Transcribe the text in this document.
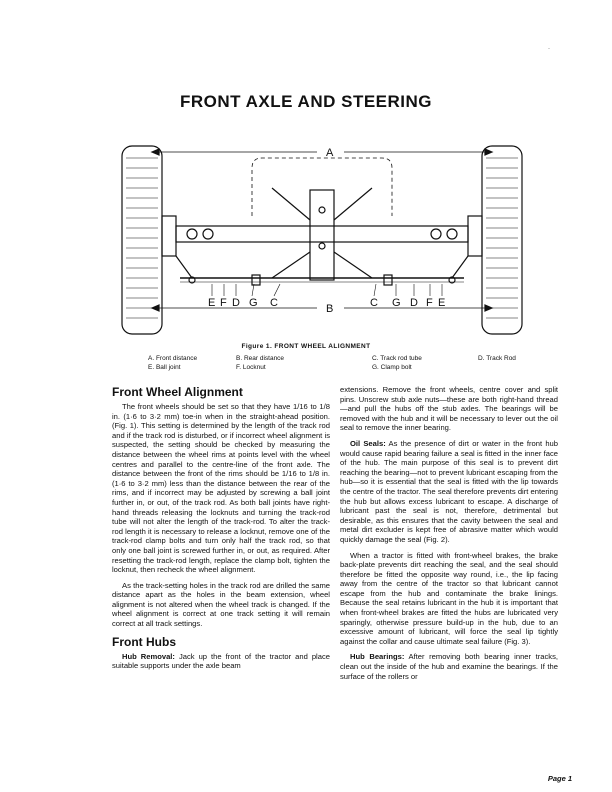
·
FRONT AXLE AND STEERING
A
B
E F D G C	C G D F E
Figure 1. FRONT WHEEL ALIGNMENT
A. Front distance
E. Ball joint
B. Rear distance
F. Locknut
C. Track rod tube
G. Clamp bolt
D. Track Rod
Front Wheel Alignment

The front wheels should be set so that they have 1/16 to 1/8 in. (1·6 to 3·2 mm) toe-in when in the straight-ahead position. (Fig. 1). This setting is determined by the length of the track rod and if the track rod is disturbed, or if incorrect wheel alignment is suspected, the setting should be checked by measuring the distance between the wheel rims at points level with the wheel centres and parallel to the centre-line of the front axle. The distance between the front of the rims should be 1/16 to 1/8 in. (1·6 to 3·2 mm) less than the distance between the rear of the rims, and if incorrect may be adjusted by screwing a ball joint further in, or out, of the track rod. As both ball joints have right-hand threads releasing the locknuts and turning the track-rod tube will not alter the length of the track-rod. To alter the track-rod length it is necessary to release a locknut, remove one of the track-rod clamp bolts and turn only half the track rod, so that only one ball joint is screwed further in, or out, as required. After resetting the track-rod length, replace the clamp bolt, tighten the locknut, then recheck the wheel alignment.

As the track-setting holes in the track rod are drilled the same distance apart as the holes in the beam extension, wheel alignment is not altered when the wheel track is changed. If the wheel alignment is correct at one track setting it will remain correct at all track settings.

Front Hubs

Hub Removal: Jack up the front of the tractor and place suitable supports under the axle beam

extensions. Remove the front wheels, centre cover and split pins. Unscrew stub axle nuts—these are both right-hand thread—and pull the hubs off the stub axles. The bearings will be removed with the hub and it will be necessary to lever out the oil seal to remove the inner bearing.

Oil Seals: As the presence of dirt or water in the front hub would cause rapid bearing failure a seal is fitted in the inner face of the hub. The main purpose of this seal is to prevent dirt reaching the bearing—not to prevent lubricant escaping from the hub—so it is essential that the seal is fitted with the lip towards the centre of the tractor. The seal therefore prevents dirt entering the hub but allows excess lubricant to escape. A discharge of lubricant past the seal is not, therefore, detrimental but desirable, as this ensures that the cavity between the seal and metal dirt excluder is kept free of abrasive matter which would quickly damage the seal (Fig. 2).

When a tractor is fitted with front-wheel brakes, the brake back-plate prevents dirt reaching the seal, and the seal should therefore be fitted the opposite way round, i.e., the lip facing away from the centre of the tractor so that lubricant cannot escape from the hub and contaminate the brake linings. Because the seal retains lubricant in the hub it is important that when front-wheel brakes are fitted the hubs are lubricated very sparingly, otherwise pressure build-up in the hub, due to an excessive amount of lubricant, will force the seal lip tightly against the collar and cause ultimate seal failure (Fig. 3).

Hub Bearings: After removing both bearing inner tracks, clean out the inside of the hub and examine the bearings. If the surface of the rollers or

Page 1
